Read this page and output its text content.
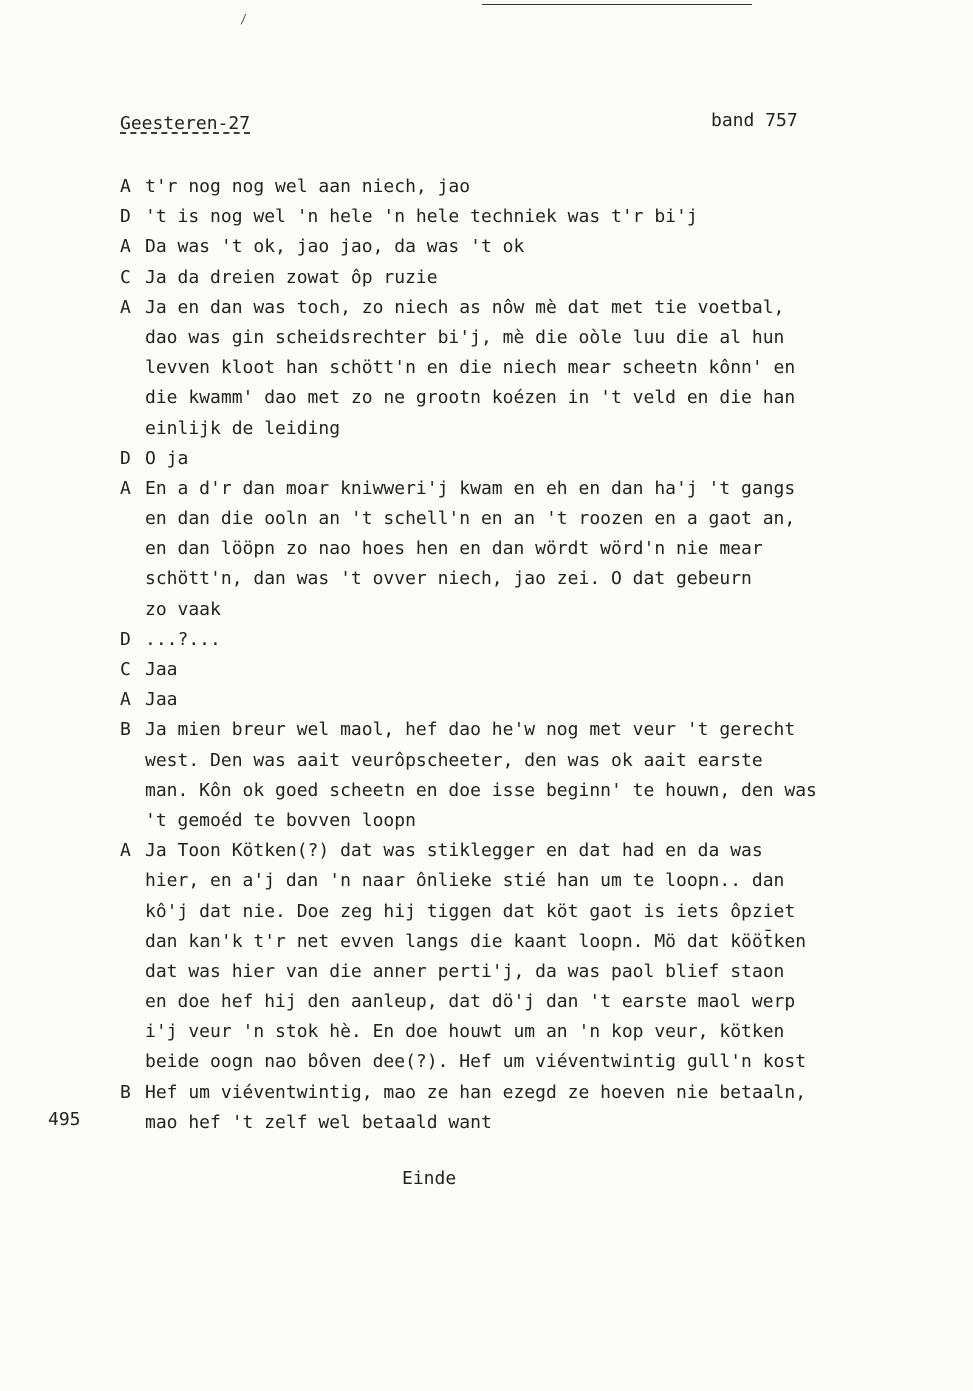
/
Geesteren-27	band 757
A t'r nog nog wel aan niech, jao
D 't is nog wel 'n hele 'n hele techniek was t'r bi'j
A Da was 't ok, jao jao, da was 't ok
C Ja da dreien zowat ôp ruzie
A Ja en dan was toch, zo niech as nôw mè dat met tie voetbal,
dao was gin scheidsrechter bi'j, mè die oòle luu die al hun
levven kloot han schött'n en die niech mear scheetn kônn' en
die kwamm' dao met zo ne grootn koézen in 't veld en die han
einlijk de leiding
D O ja
A En a d'r dan moar kniwweri'j kwam en eh en dan ha'j 't gangs
en dan die ooln an 't schell'n en an 't roozen en a gaot an,
en dan lööpn zo nao hoes hen en dan wördt wörd'n nie mear
schött'n, dan was 't ovver niech, jao zei. O dat gebeurn
zo vaak
D ...?...
C Jaa
A Jaa
B Ja mien breur wel maol, hef dao he'w nog met veur 't gerecht
west. Den was aait veurôpscheeter, den was ok aait earste
man. Kôn ok goed scheetn en doe isse beginn' te houwn, den was
't gemoéd te bovven loopn
A Ja Toon Kötken(?) dat was stiklegger en dat had en da was
hier, en a'j dan 'n naar ônlieke stié han um te loopn.. dan
kô'j dat nie. Doe zeg hij tiggen dat köt gaot is iets ôpziet
dan kan'k t'r net evven langs die kaant loopn. Mö dat kööt̄ken
dat was hier van die anner perti'j, da was paol blief staon
en doe hef hij den aanleup, dat dö'j dan 't earste maol werp
i'j veur 'n stok hè. En doe houwt um an 'n kop veur, kötken
beide oogn nao bôven dee(?). Hef um viéventwintig gull'n kost
B Hef um viéventwintig, mao ze han ezegd ze hoeven nie betaaln,
mao hef 't zelf wel betaald want
495
Einde
